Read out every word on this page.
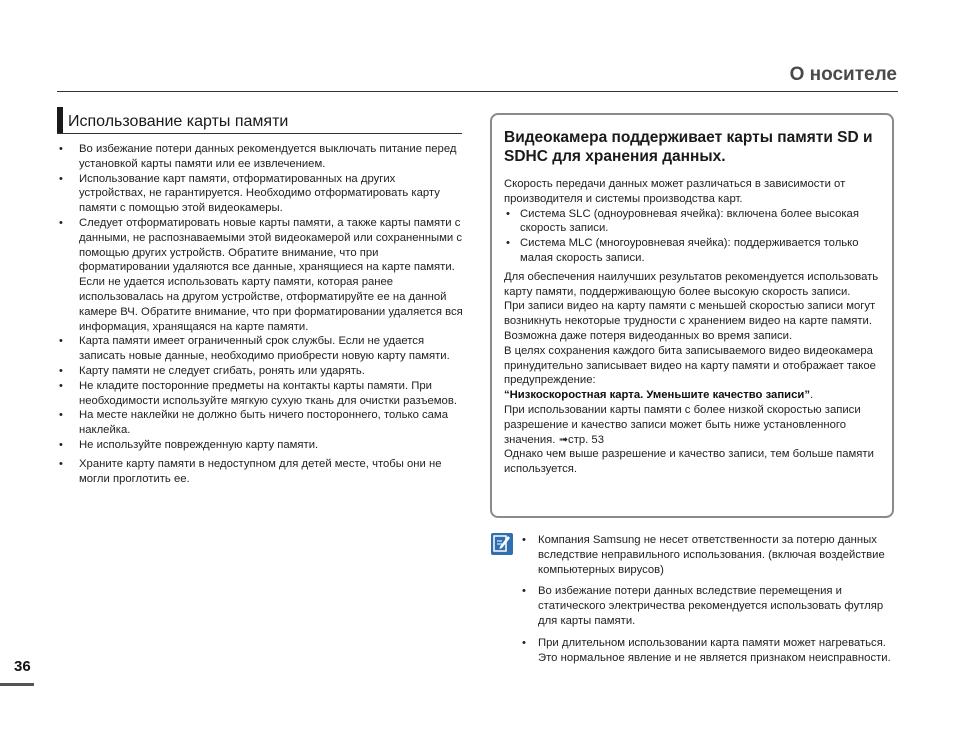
О носителе
Использование карты памяти
• Во избежание потери данных рекомендуется выключать питание перед установкой карты памяти или ее извлечением.
• Использование карт памяти, отформатированных на других устройствах, не гарантируется. Необходимо отформатировать карту памяти с помощью этой видеокамеры.
• Следует отформатировать новые карты памяти, а также карты памяти с данными, не распознаваемыми этой видеокамерой или сохраненными с помощью других устройств. Обратите внимание, что при форматировании удаляются все данные, хранящиеся на карте памяти. Если не удается использовать карту памяти, которая ранее использовалась на другом устройстве, отформатируйте ее на данной камере ВЧ. Обратите внимание, что при форматировании удаляется вся информация, хранящаяся на карте памяти.
• Карта памяти имеет ограниченный срок службы. Если не удается записать новые данные, необходимо приобрести новую карту памяти.
• Карту памяти не следует сгибать, ронять или ударять.
• Не кладите посторонние предметы на контакты карты памяти. При необходимости используйте мягкую сухую ткань для очистки разъемов.
• На месте наклейки не должно быть ничего постороннего, только сама наклейка.
• Не используйте поврежденную карту памяти.
• Храните карту памяти в недоступном для детей месте, чтобы они не могли проглотить ее.
Видеокамера поддерживает карты памяти SD и SDHC для хранения данных.

Скорость передачи данных может различаться в зависимости от производителя и системы производства карт.

• Система SLC (одноуровневая ячейка): включена более высокая скорость записи.
• Система MLC (многоуровневая ячейка): поддерживается только малая скорость записи.

Для обеспечения наилучших результатов рекомендуется использовать карту памяти, поддерживающую более высокую скорость записи.

При записи видео на карту памяти с меньшей скоростью записи могут возникнуть некоторые трудности с хранением видео на карте памяти.

Возможна даже потеря видеоданных во время записи.

В целях сохранения каждого бита записываемого видео видеокамера принудительно записывает видео на карту памяти и отображает такое предупреждение:

“Низкоскоростная карта. Уменьшите качество записи”.

При использовании карты памяти с более низкой скоростью записи разрешение и качество записи может быть ниже установленного значения. ➟стр. 53

Однако чем выше разрешение и качество записи, тем больше памяти используется.

• Компания Samsung не несет ответственности за потерю данных вследствие неправильного использования. (включая воздействие компьютерных вирусов)
• Во избежание потери данных вследствие перемещения и статического электричества рекомендуется использовать футляр для карты памяти.
• При длительном использовании карта памяти может нагреваться. Это нормальное явление и не является признаком неисправности.
36
